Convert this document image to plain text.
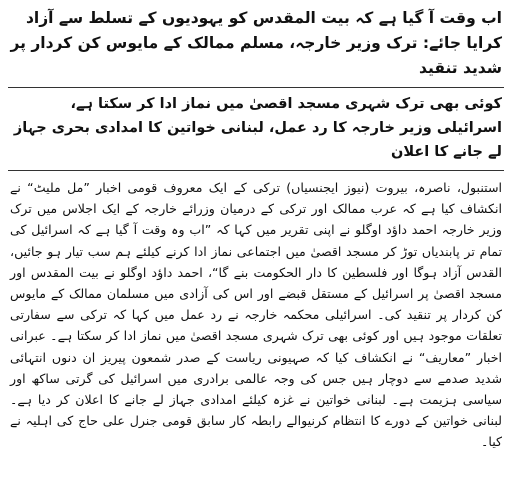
اب وقت آ گیا ہے کہ بیت المقدس کو یہودیوں کے تسلط سے آزاد کرایا جائے: ترک وزیر خارجہ، مسلم ممالک کے مایوس کن کردار پر شدید تنقید
کوئی بھی ترک شہری مسجد اقصیٰ میں نماز ادا کر سکتا ہے، اسرائیلی وزیر خارجہ کا رد عمل، لبنانی خواتین کا امدادی بحری جہاز لے جانے کا اعلان

استنبول، ناصرہ، بیروت (نیوز ایجنسیاں) ترکی کے ایک معروف قومی اخبار ”مل ملیٹ“ نے انکشاف کیا ہے کہ عرب ممالک اور ترکی کے درمیان وزرائے خارجہ کے ایک اجلاس میں ترک وزیر خارجہ احمد داؤد اوگلو نے اپنی تقریر میں کہا کہ ”اب وہ وقت آ گیا ہے کہ اسرائیل کی تمام تر پابندیاں توڑ کر مسجد اقصیٰ میں اجتماعی نماز ادا کرنے کیلئے ہم سب تیار ہو جائیں، القدس آزاد ہوگا اور فلسطین کا دار الحکومت بنے گا“، احمد داؤد اوگلو نے بیت المقدس اور مسجد اقصیٰ پر اسرائیل کے مستقل قبضے اور اس کی آزادی میں مسلمان ممالک کے مایوس کن کردار پر تنقید کی۔ اسرائیلی محکمہ خارجہ نے رد عمل میں کہا کہ ترکی سے سفارتی تعلقات موجود ہیں اور کوئی بھی ترک شہری مسجد اقصیٰ میں نماز ادا کر سکتا ہے۔ عبرانی اخبار ”معاریف“ نے انکشاف کیا کہ صہیونی ریاست کے صدر شمعون پیریز ان دنوں انتہائی شدید صدمے سے دوچار ہیں جس کی وجہ عالمی برادری میں اسرائیل کی گرتی ساکھ اور سیاسی ہزیمت ہے۔ لبنانی خواتین نے غزہ کیلئے امدادی جہاز لے جانے کا اعلان کر دیا ہے۔ لبنانی خواتین کے دورے کا انتظام کرنیوالے رابطہ کار سابق قومی جنرل علی حاج کی اہلیہ نے کیا۔
